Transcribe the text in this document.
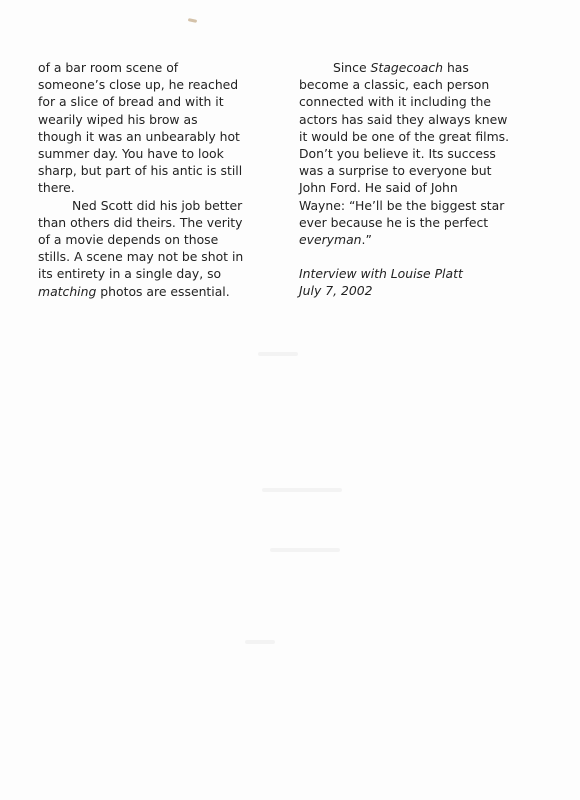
of a bar room scene of
someone’s close up, he reached
for a slice of bread and with it
wearily wiped his brow as
though it was an unbearably hot
summer day. You have to look
sharp, but part of his antic is still
there.

Ned Scott did his job better
than others did theirs. The verity
of a movie depends on those
stills. A scene may not be shot in
its entirety in a single day, so
matching photos are essential.

Since Stagecoach has
become a classic, each person
connected with it including the
actors has said they always knew
it would be one of the great films.
Don’t you believe it. Its success
was a surprise to everyone but
John Ford. He said of John
Wayne: “He’ll be the biggest star
ever because he is the perfect
everyman.”

Interview with Louise Platt
July 7, 2002
